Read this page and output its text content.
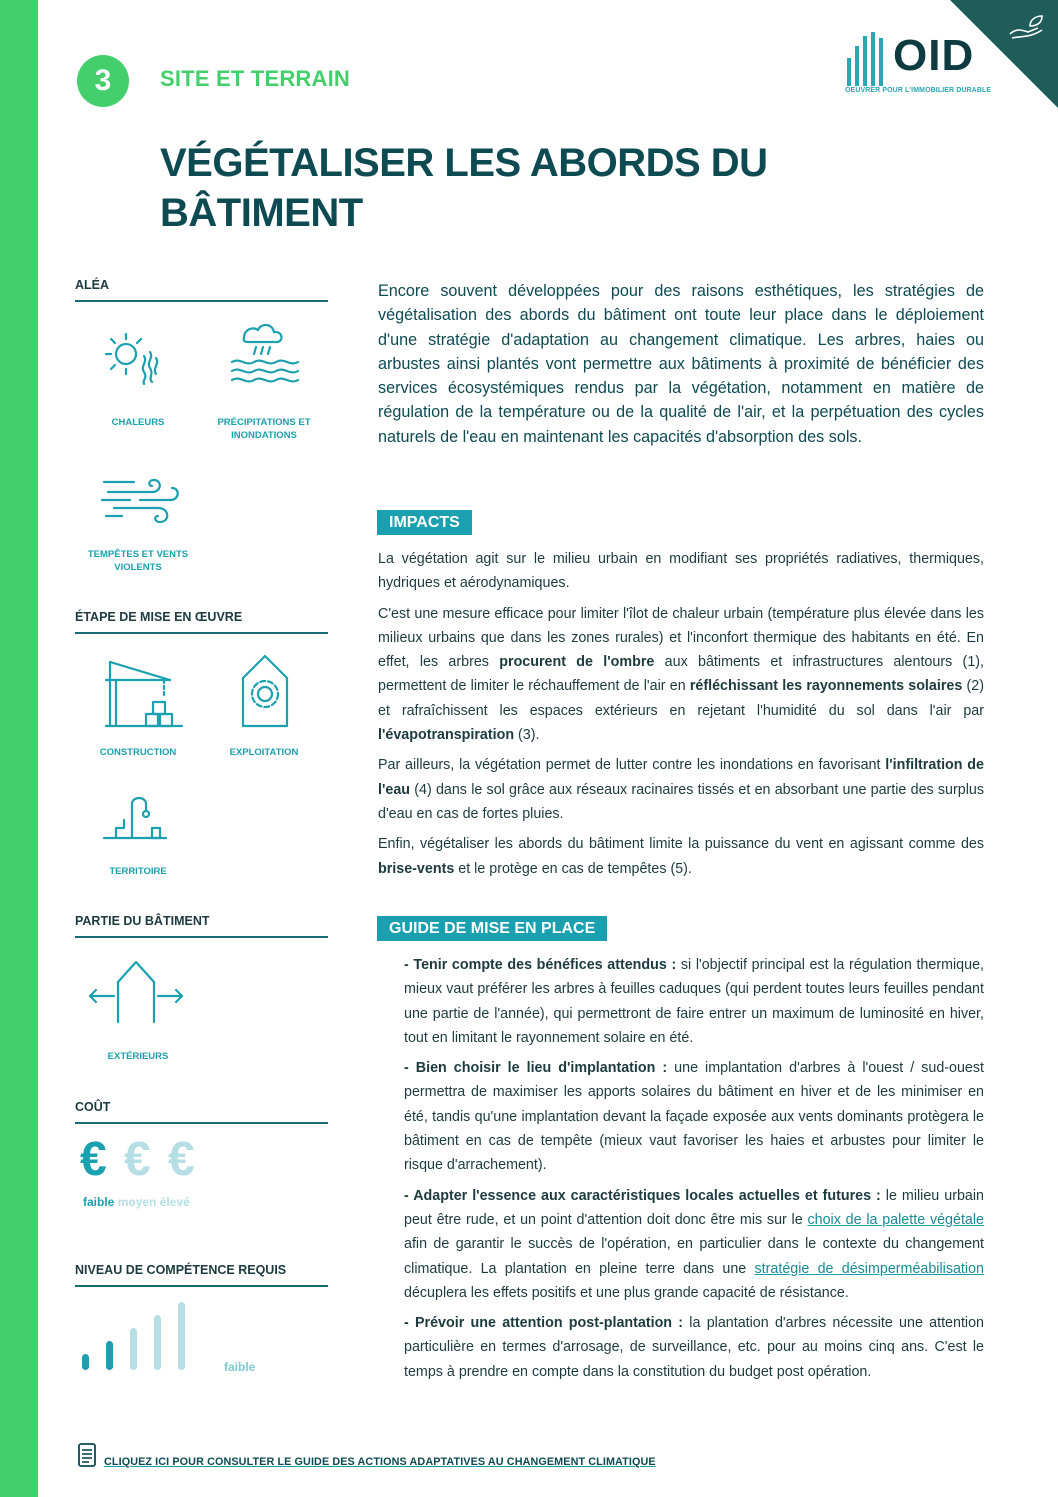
3	SITE ET TERRAIN	OID
OEUVRER POUR L'IMMOBILIER DURABLE
VÉGÉTALISER LES ABORDS DU
BÂTIMENT
ALÉA
CHALEURS	PRÉCIPITATIONS ET
INONDATIONS
TEMPÊTES ET VENTS
VIOLENTS
ÉTAPE DE MISE EN ŒUVRE
CONSTRUCTION	EXPLOITATION
TERRITOIRE
PARTIE DU BÂTIMENT
EXTÉRIEURS
COÛT
€ € €
faible moyen élevé
NIVEAU DE COMPÉTENCE REQUIS
faible

Encore souvent développées pour des raisons esthétiques, les stratégies de végétalisation des abords du bâtiment ont toute leur place dans le déploiement d'une stratégie d'adaptation au changement climatique. Les arbres, haies ou arbustes ainsi plantés vont permettre aux bâtiments à proximité de bénéficier des services écosystémiques rendus par la végétation, notamment en matière de régulation de la température ou de la qualité de l'air, et la perpétuation des cycles naturels de l'eau en maintenant les capacités d'absorption des sols.

IMPACTS

La végétation agit sur le milieu urbain en modifiant ses propriétés radiatives, thermiques, hydriques et aérodynamiques.

C'est une mesure efficace pour limiter l'îlot de chaleur urbain (température plus élevée dans les milieux urbains que dans les zones rurales) et l'inconfort thermique des habitants en été. En effet, les arbres procurent de l'ombre aux bâtiments et infrastructures alentours (1), permettent de limiter le réchauffement de l'air en réfléchissant les rayonnements solaires (2) et rafraîchissent les espaces extérieurs en rejetant l'humidité du sol dans l'air par l'évapotranspiration (3).

Par ailleurs, la végétation permet de lutter contre les inondations en favorisant l'infiltration de l'eau (4) dans le sol grâce aux réseaux racinaires tissés et en absorbant une partie des surplus d'eau en cas de fortes pluies.

Enfin, végétaliser les abords du bâtiment limite la puissance du vent en agissant comme des brise-vents et le protège en cas de tempêtes (5).

GUIDE DE MISE EN PLACE

- Tenir compte des bénéfices attendus : si l'objectif principal est la régulation thermique, mieux vaut préférer les arbres à feuilles caduques (qui perdent toutes leurs feuilles pendant une partie de l'année), qui permettront de faire entrer un maximum de luminosité en hiver, tout en limitant le rayonnement solaire en été.

- Bien choisir le lieu d'implantation : une implantation d'arbres à l'ouest / sud-ouest permettra de maximiser les apports solaires du bâtiment en hiver et de les minimiser en été, tandis qu'une implantation devant la façade exposée aux vents dominants protègera le bâtiment en cas de tempête (mieux vaut favoriser les haies et arbustes pour limiter le risque d'arrachement).

- Adapter l'essence aux caractéristiques locales actuelles et futures : le milieu urbain peut être rude, et un point d'attention doit donc être mis sur le choix de la palette végétale afin de garantir le succès de l'opération, en particulier dans le contexte du changement climatique. La plantation en pleine terre dans une stratégie de désimperméabilisation décuplera les effets positifs et une plus grande capacité de résistance.

- Prévoir une attention post-plantation : la plantation d'arbres nécessite une attention particulière en termes d'arrosage, de surveillance, etc. pour au moins cinq ans. C'est le temps à prendre en compte dans la constitution du budget post opération.

CLIQUEZ ICI POUR CONSULTER LE GUIDE DES ACTIONS ADAPTATIVES AU CHANGEMENT CLIMATIQUE
